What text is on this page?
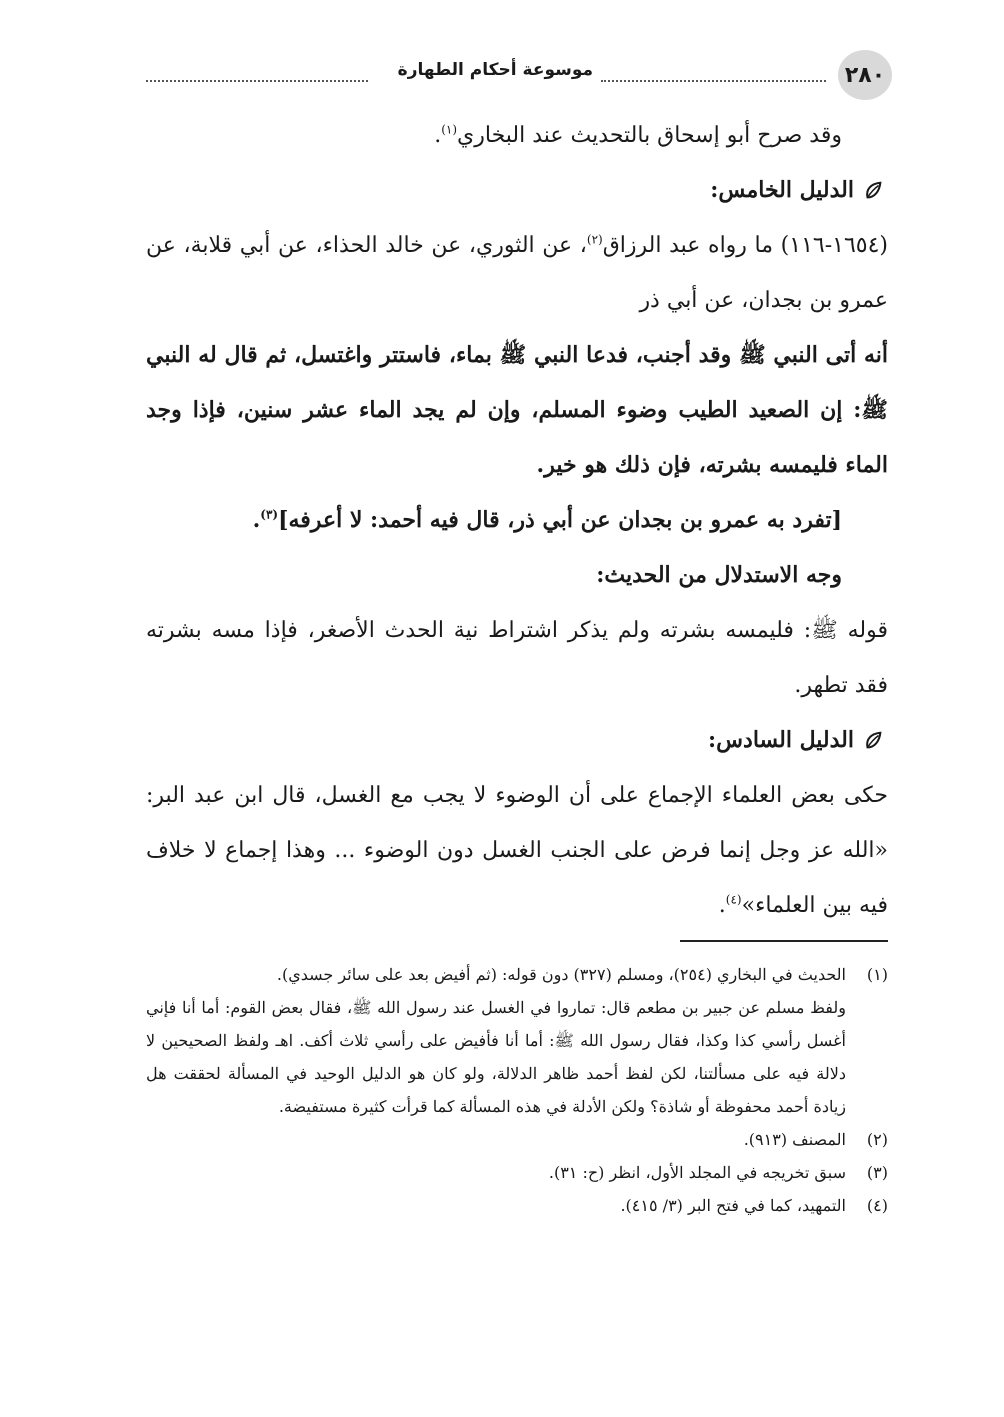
٢٨٠
موسوعة أحكام الطهارة

وقد صرح أبو إسحاق بالتحديث عند البخاري$^{(١)}$.

الدليل الخامس:

(١٦٥٤-١١٦) ما رواه عبد الرزاق$^{(٢)}$، عن الثوري، عن خالد الحذاء، عن أبي قلابة، عن عمرو بن بجدان، عن أبي ذر

أنه أتى النبي ﷺ وقد أجنب، فدعا النبي ﷺ بماء، فاستتر واغتسل، ثم قال له النبي ﷺ: إن الصعيد الطيب وضوء المسلم، وإن لم يجد الماء عشر سنين، فإذا وجد الماء فليمسه بشرته، فإن ذلك هو خير.

[تفرد به عمرو بن بجدان عن أبي ذر، قال فيه أحمد: لا أعرفه]$^{(٣)}$.

وجه الاستدلال من الحديث:

قوله ﷺ: فليمسه بشرته ولم يذكر اشتراط نية الحدث الأصغر، فإذا مسه بشرته فقد تطهر.

الدليل السادس:

حكى بعض العلماء الإجماع على أن الوضوء لا يجب مع الغسل، قال ابن عبد البر: «الله عز وجل إنما فرض على الجنب الغسل دون الوضوء ... وهذا إجماع لا خلاف فيه بين العلماء»$^{(٤)}$.

(١)
الحديث في البخاري (٢٥٤)، ومسلم (٣٢٧) دون قوله: (ثم أفيض بعد على سائر جسدي).
ولفظ مسلم عن جبير بن مطعم قال: تماروا في الغسل عند رسول الله ﷺ، فقال بعض القوم: أما أنا فإني أغسل رأسي كذا وكذا، فقال رسول الله ﷺ: أما أنا فأفيض على رأسي ثلاث أكف. اهـ ولفظ الصحيحين لا دلالة فيه على مسألتنا، لكن لفظ أحمد ظاهر الدلالة، ولو كان هو الدليل الوحيد في المسألة لحققت هل زيادة أحمد محفوظة أو شاذة؟ ولكن الأدلة في هذه المسألة كما قرأت كثيرة مستفيضة.
(٢)
المصنف (٩١٣).
(٣)
سبق تخريجه في المجلد الأول، انظر (ح: ٣١).
(٤)
التمهيد، كما في فتح البر (٣/ ٤١٥).
